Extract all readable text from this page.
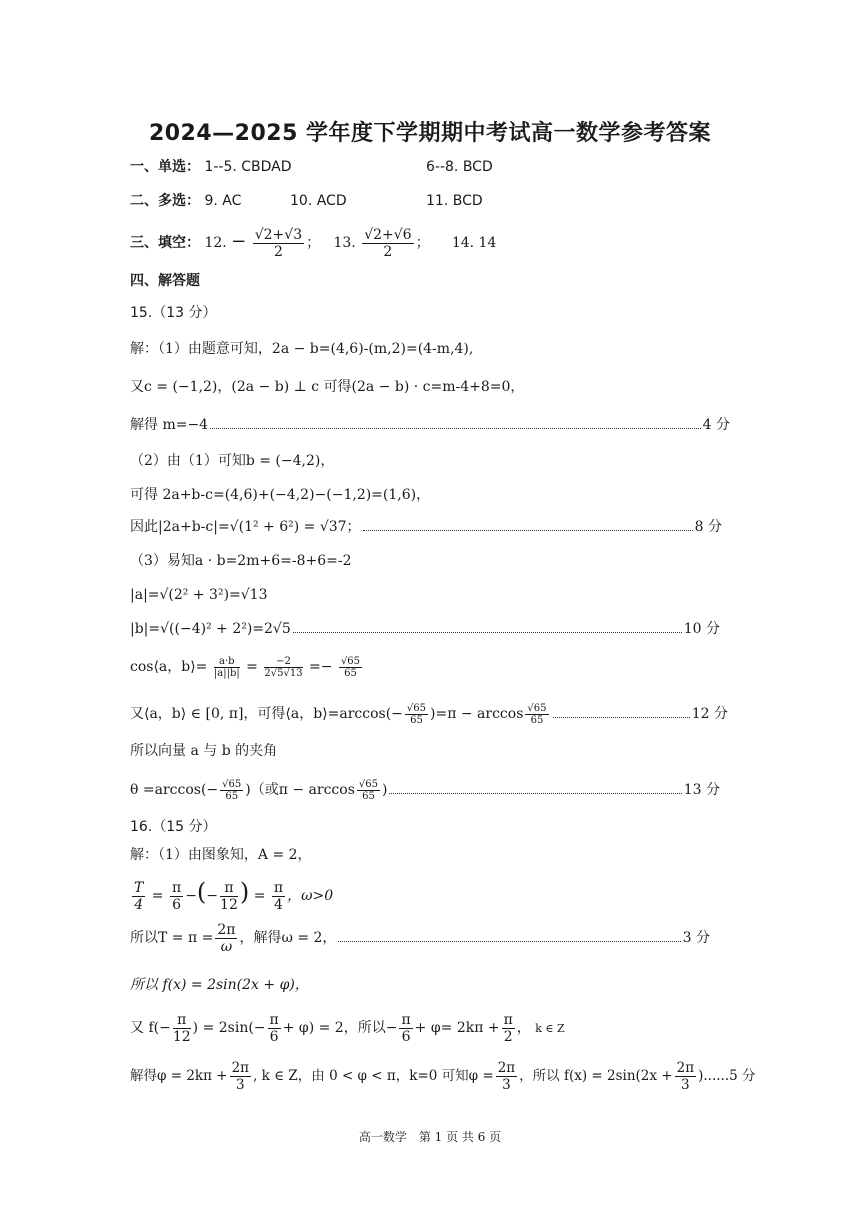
2024—2025 学年度下学期期中考试高一数学参考答案
一、单选： 1--5. CBDAD	6--8. BCD
二、多选： 9. AC	10. ACD	11. BCD
三、填空： 12. − $\frac{√2+√3}{2}$ ；   13. $\frac{√2+√6}{2}$ ；     14. 14
四、解答题
15.（13 分）
解：（1）由题意可知，2a − b=(4,6)-(m,2)=(4-m,4),
又c = (−1,2)，(2a − b) ⊥ c 可得(2a − b) · c=m-4+8=0，
解得 m=−4	4 分
（2）由（1）可知b = (−4,2)，
可得 2a+b-c=(4,6)+(−4,2)−(−1,2)=(1,6)，
因此|2a+b-c|=√(1² + 6²) = √37；	8 分
（3）易知a · b=2m+6=-8+6=-2
|a|=√(2² + 3²)=√13
|b|=√((−4)² + 2²)=2√5	10 分
cos⟨a，b⟩= $\frac{a\cdot b}{|a||b|} = \frac{-2}{2√5√13} =- \frac{√65}{65}$
又⟨a，b⟩ ∈ [0, π]，可得⟨a，b⟩=arccos(− $\frac{√65}{65} )=\pi - \arccos \frac{√65}{65}$	12 分
所以向量 a 与 b 的夹角
$\theta =\arccos(- \frac{√65}{65}$ )（或$\pi - \arccos \frac{√65}{65}$ )	13 分
16.（15 分）
解：（1）由图象知，A = 2，
$\frac{T}{4} = \frac{\pi}{6}$ −(− $\frac{\pi}{12}$ ) = $\frac{\pi}{4}$ ，ω>0
所以$T = \pi = \frac{2\pi}{\omega}$ ，解得ω = 2，	3 分
所以 f(x) = 2sin(2x + φ)，
又 $f(- \frac{\pi}{12}$ ) = $2\sin(- \frac{\pi}{6} + \varphi) = 2$，所以− $\frac{\pi}{6} + \varphi= 2k\pi + \frac{\pi}{2}$ ， k ∈ Z
解得$\varphi = 2k\pi + \frac{2\pi}{3}$ , k ∈ Z，由 0 < φ < π，k=0 可知$\varphi = \frac{2\pi}{3}$ ，所以 $f(x) = 2\sin(2x + \frac{2\pi}{3} )......5$ 分
高一数学　第 1 页 共 6 页
